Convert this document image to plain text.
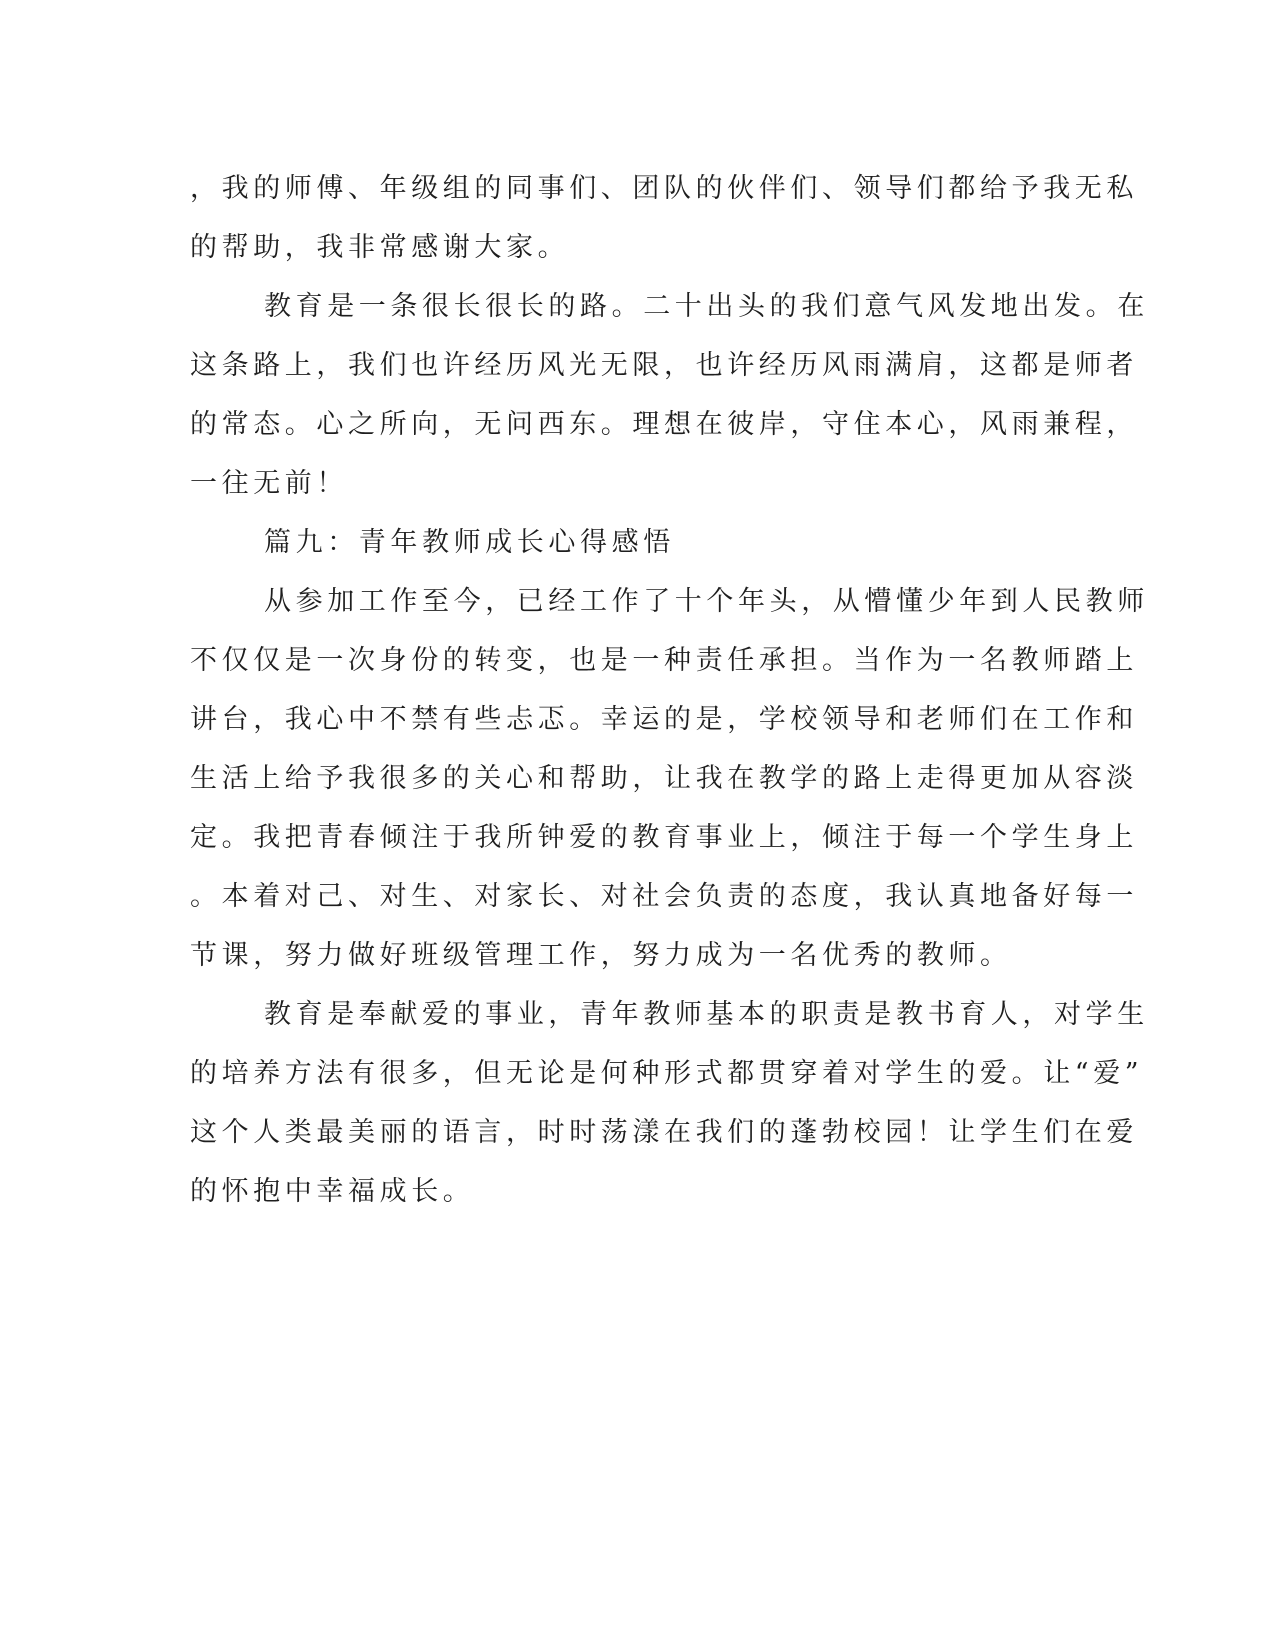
，我的师傅、年级组的同事们、团队的伙伴们、领导们都给予我无私
的帮助，我非常感谢大家。
教育是一条很长很长的路。二十出头的我们意气风发地出发。在
这条路上，我们也许经历风光无限，也许经历风雨满肩，这都是师者
的常态。心之所向，无问西东。理想在彼岸，守住本心，风雨兼程，
一往无前！
篇九：青年教师成长心得感悟
从参加工作至今，已经工作了十个年头，从懵懂少年到人民教师
不仅仅是一次身份的转变，也是一种责任承担。当作为一名教师踏上
讲台，我心中不禁有些忐忑。幸运的是，学校领导和老师们在工作和
生活上给予我很多的关心和帮助，让我在教学的路上走得更加从容淡
定。我把青春倾注于我所钟爱的教育事业上，倾注于每一个学生身上
。本着对己、对生、对家长、对社会负责的态度，我认真地备好每一
节课，努力做好班级管理工作，努力成为一名优秀的教师。
教育是奉献爱的事业，青年教师基本的职责是教书育人，对学生
的培养方法有很多，但无论是何种形式都贯穿着对学生的爱。让“爱”
这个人类最美丽的语言，时时荡漾在我们的蓬勃校园！让学生们在爱
的怀抱中幸福成长。
